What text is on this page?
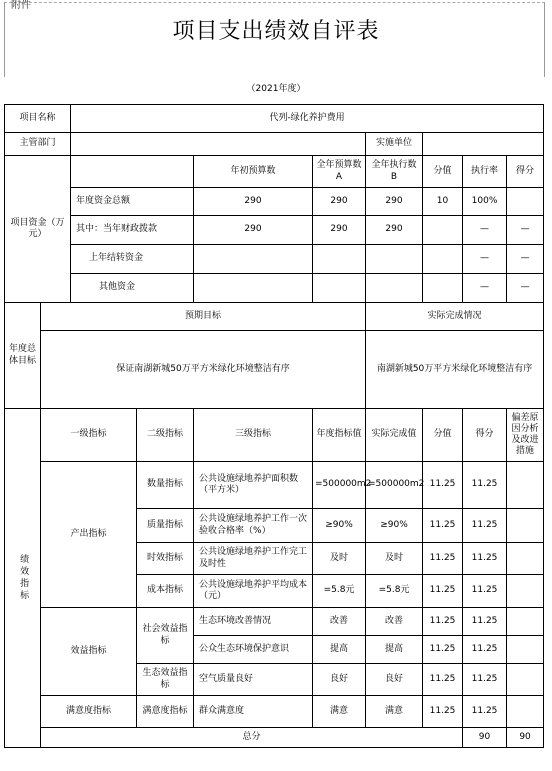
附件
项目支出绩效自评表
（2021年度）
项目名称		代列-绿化养护费用								
主管部门						实施单位				
项目资金（万元）				年初预算数	全年预算数 A	全年执行数 B	分值	执行率	得分	
		年度资金总额		290	290	290	10	100%		
		其中：当年财政拨款		290	290	290		—	—	
		上年结转资金						—	—	
		其他资金						—	—	
年度总体目标	预期目标					实际完成情况				
	保证南湖新城50万平方米绿化环境整洁有序					南湖新城50万平方米绿化环境整洁有序				

绩效指标	一级指标		二级指标	三级指标	年度指标值	实际完成值	分值	得分	偏差原因分析及改进措施	
	产出指标		数量指标	公共设施绿地养护面积数（平方米）	=500000m2	=500000m2	11.25	11.25		
			质量指标	公共设施绿地养护工作一次验收合格率（%）	≥90%	≥90%	11.25	11.25		
			时效指标	公共设施绿地养护工作完工及时性	及时	及时	11.25	11.25		
			成本指标	公共设施绿地养护平均成本（元）	=5.8元	=5.8元	11.25	11.25		
	效益指标		社会效益指标	生态环境改善情况	改善	改善	11.25	11.25		
				公众生态环境保护意识	提高	提高	11.25	11.25		
			生态效益指标	空气质量良好	良好	良好	11.25	11.25		
	满意度指标		满意度指标	群众满意度	满意	满意	11.25	11.25		
	总分							90	90	
